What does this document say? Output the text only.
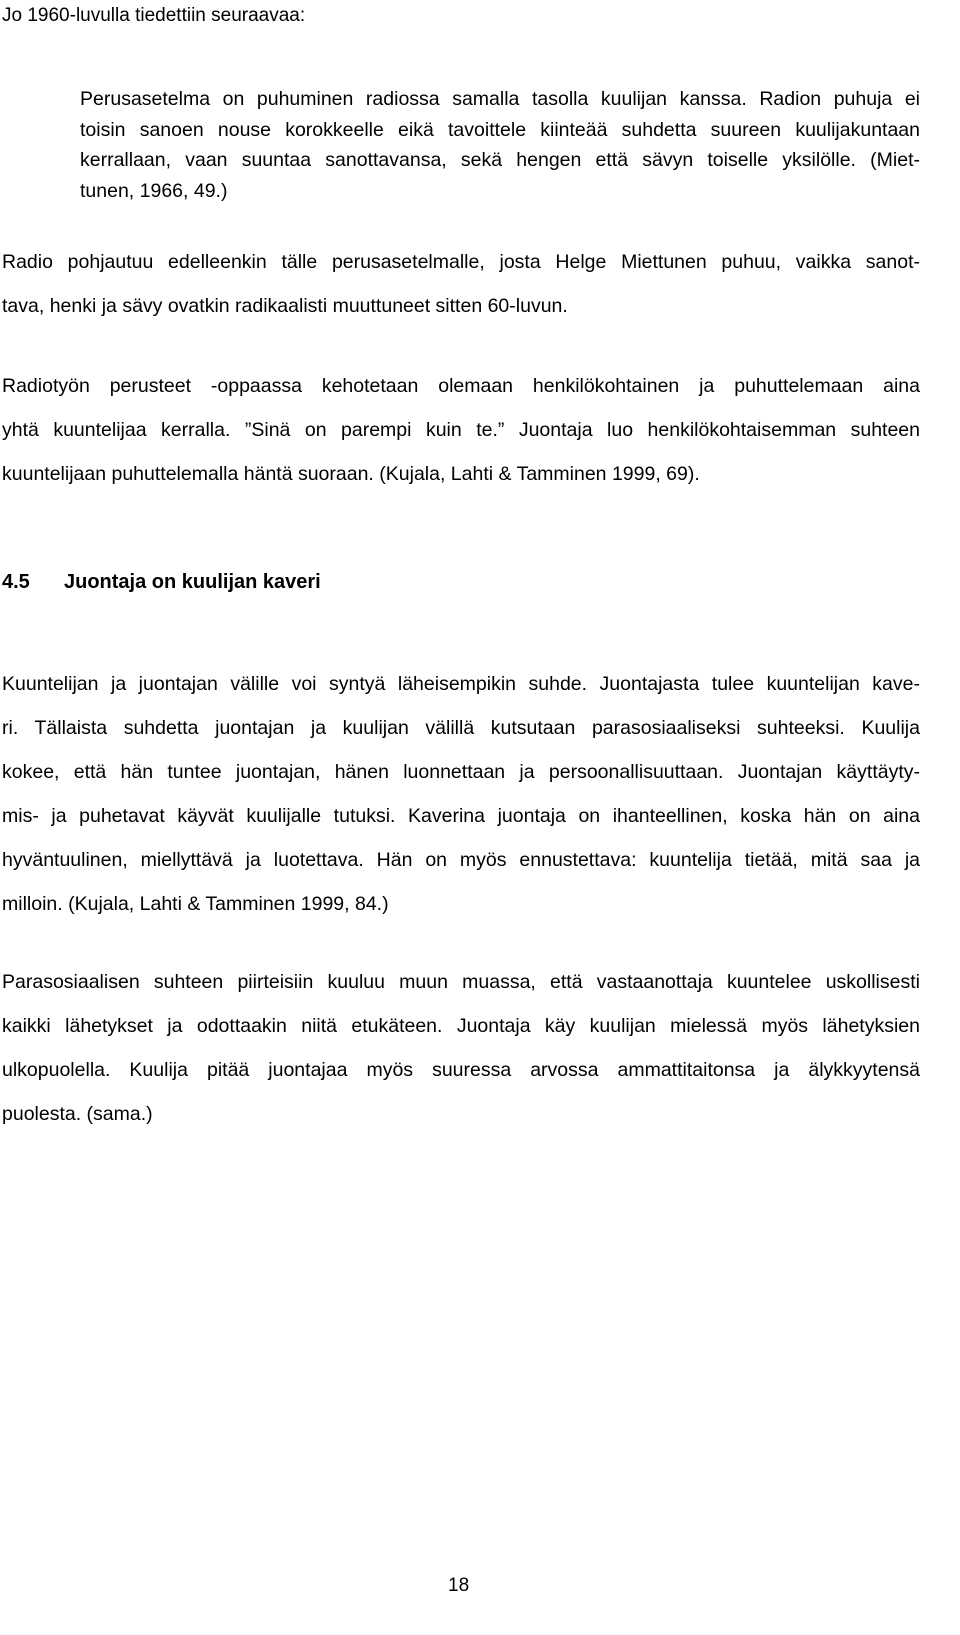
Jo 1960-luvulla tiedettiin seuraavaa:
Perusasetelma on puhuminen radiossa samalla tasolla kuulijan kanssa. Radion puhuja ei
toisin sanoen nouse korokkeelle eikä tavoittele kiinteää suhdetta suureen kuulijakuntaan
kerrallaan, vaan suuntaa sanottavansa, sekä hengen että sävyn toiselle yksilölle. (Miet-
tunen, 1966, 49.)
Radio pohjautuu edelleenkin tälle perusasetelmalle, josta Helge Miettunen puhuu, vaikka sanot-
tava, henki ja sävy ovatkin radikaalisti muuttuneet sitten 60-luvun.
Radiotyön perusteet -oppaassa kehotetaan olemaan henkilökohtainen ja puhuttelemaan aina
yhtä kuuntelijaa kerralla. ”Sinä on parempi kuin te.” Juontaja luo henkilökohtaisemman suhteen
kuuntelijaan puhuttelemalla häntä suoraan. (Kujala, Lahti & Tamminen 1999, 69).
4.5 Juontaja on kuulijan kaveri
Kuuntelijan ja juontajan välille voi syntyä läheisempikin suhde. Juontajasta tulee kuuntelijan kave-
ri. Tällaista suhdetta juontajan ja kuulijan välillä kutsutaan parasosiaaliseksi suhteeksi. Kuulija
kokee, että hän tuntee juontajan, hänen luonnettaan ja persoonallisuuttaan. Juontajan käyttäyty-
mis- ja puhetavat käyvät kuulijalle tutuksi. Kaverina juontaja on ihanteellinen, koska hän on aina
hyväntuulinen, miellyttävä ja luotettava. Hän on myös ennustettava: kuuntelija tietää, mitä saa ja
milloin. (Kujala, Lahti & Tamminen 1999, 84.)
Parasosiaalisen suhteen piirteisiin kuuluu muun muassa, että vastaanottaja kuuntelee uskollisesti
kaikki lähetykset ja odottaakin niitä etukäteen. Juontaja käy kuulijan mielessä myös lähetyksien
ulkopuolella. Kuulija pitää juontajaa myös suuressa arvossa ammattitaitonsa ja älykkyytensä
puolesta. (sama.)
18
